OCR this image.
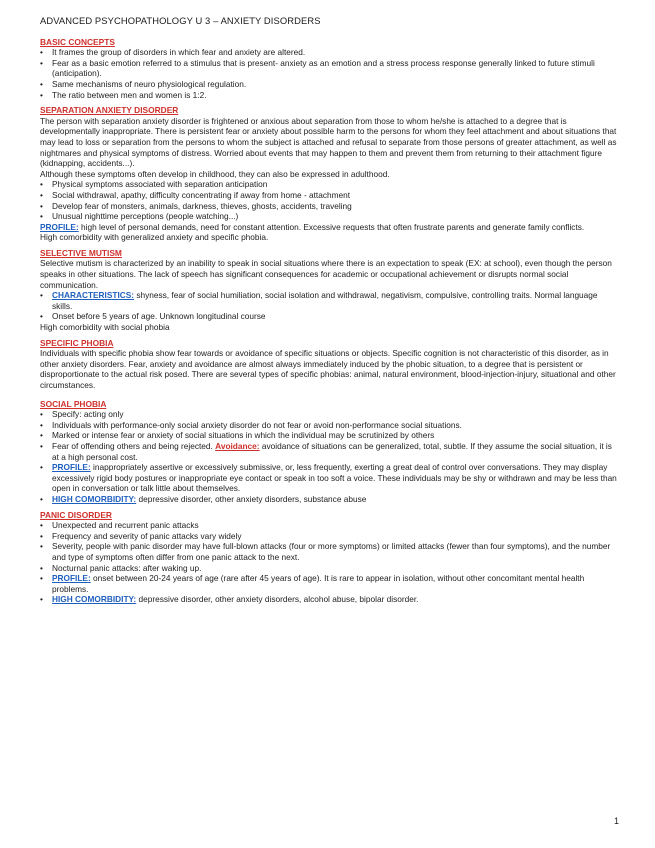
ADVANCED PSYCHOPATHOLOGY U 3 – ANXIETY DISORDERS
BASIC CONCEPTS
• It frames the group of disorders in which fear and anxiety are altered.
• Fear as a basic emotion referred to a stimulus that is present- anxiety as an emotion and a stress process response generally linked to future stimuli (anticipation).
• Same mechanisms of neuro physiological regulation.
• The ratio between men and women is 1:2.
SEPARATION ANXIETY DISORDER

The person with separation anxiety disorder is frightened or anxious about separation from those to whom he/she is attached to a degree that is developmentally inappropriate. There is persistent fear or anxiety about possible harm to the persons for whom they feel attachment and about situations that may lead to loss or separation from the persons to whom the subject is attached and refusal to separate from those persons of greater attachment, as well as nightmares and physical symptoms of distress. Worried about events that may happen to them and prevent them from returning to their attachment figure (kidnapping, accidents...).

Although these symptoms often develop in childhood, they can also be expressed in adulthood.

• Physical symptoms associated with separation anticipation
• Social withdrawal, apathy, difficulty concentrating if away from home - attachment
• Develop fear of monsters, animals, darkness, thieves, ghosts, accidents, traveling
• Unusual nighttime perceptions (people watching...)

PROFILE: high level of personal demands, need for constant attention. Excessive requests that often frustrate parents and generate family conflicts.

High comorbidity with generalized anxiety and specific phobia.

SELECTIVE MUTISM

Selective mutism is characterized by an inability to speak in social situations where there is an expectation to speak (EX: at school), even though the person speaks in other situations. The lack of speech has significant consequences for academic or occupational achievement or disrupts normal social communication.

• CHARACTERISTICS: shyness, fear of social humiliation, social isolation and withdrawal, negativism, compulsive, controlling traits. Normal language skills.
• Onset before 5 years of age. Unknown longitudinal course

High comorbidity with social phobia

SPECIFIC PHOBIA

Individuals with specific phobia show fear towards or avoidance of specific situations or objects. Specific cognition is not characteristic of this disorder, as in other anxiety disorders. Fear, anxiety and avoidance are almost always immediately induced by the phobic situation, to a degree that is persistent or disproportionate to the actual risk posed. There are several types of specific phobias: animal, natural environment, blood-injection-injury, situational and other circumstances.

SOCIAL PHOBIA
• Specify: acting only
• Individuals with performance-only social anxiety disorder do not fear or avoid non-performance social situations.
• Marked or intense fear or anxiety of social situations in which the individual may be scrutinized by others
• Fear of offending others and being rejected. Avoidance: avoidance of situations can be generalized, total, subtle. If they assume the social situation, it is at a high personal cost.
• PROFILE: inappropriately assertive or excessively submissive, or, less frequently, exerting a great deal of control over conversations. They may display excessively rigid body postures or inappropriate eye contact or speak in too soft a voice. These individuals may be shy or withdrawn and may be less than open in conversation or talk little about themselves.
• HIGH COMORBIDITY: depressive disorder, other anxiety disorders, substance abuse
PANIC DISORDER
• Unexpected and recurrent panic attacks
• Frequency and severity of panic attacks vary widely
• Severity, people with panic disorder may have full-blown attacks (four or more symptoms) or limited attacks (fewer than four symptoms), and the number and type of symptoms often differ from one panic attack to the next.
• Nocturnal panic attacks: after waking up.
• PROFILE: onset between 20-24 years of age (rare after 45 years of age). It is rare to appear in isolation, without other concomitant mental health problems.
• HIGH COMORBIDITY: depressive disorder, other anxiety disorders, alcohol abuse, bipolar disorder.
1
